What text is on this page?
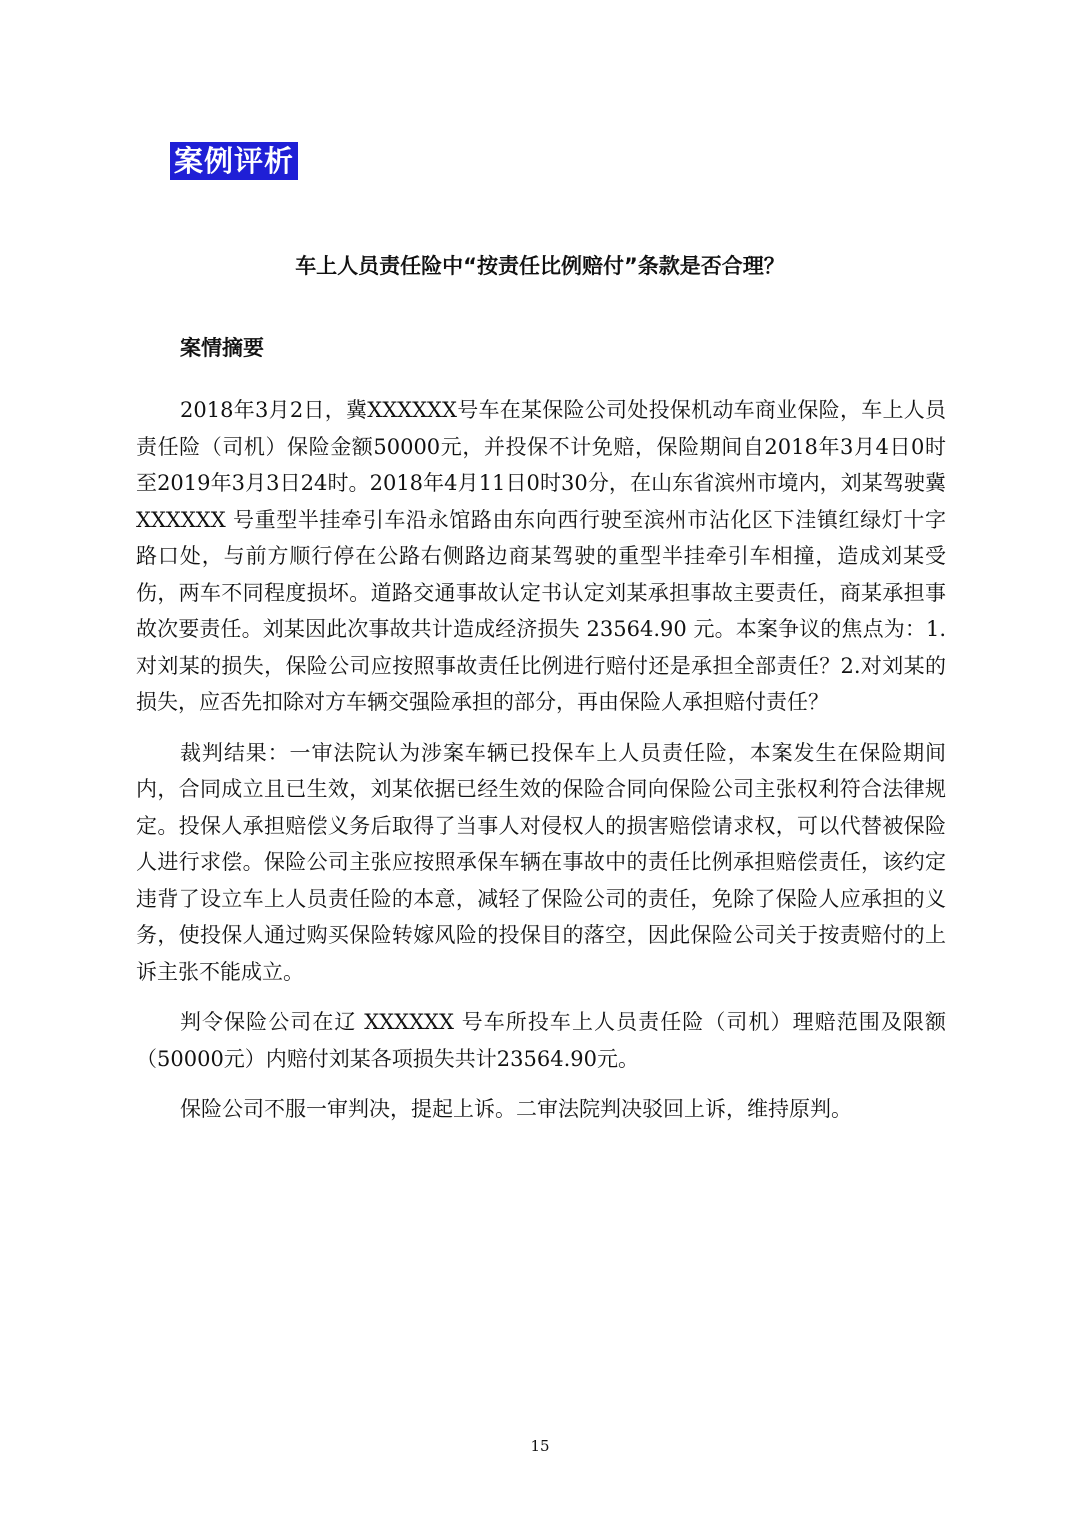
案例评析
车上人员责任险中“按责任比例赔付”条款是否合理？
案情摘要

2018年3月2日，冀XXXXXX号车在某保险公司处投保机动车商业保险，车上人员责任险（司机）保险金额50000元，并投保不计免赔，保险期间自2018年3月4日0时至2019年3月3日24时。2018年4月11日0时30分，在山东省滨州市境内，刘某驾驶冀 XXXXXX 号重型半挂牵引车沿永馆路由东向西行驶至滨州市沾化区下洼镇红绿灯十字路口处，与前方顺行停在公路右侧路边商某驾驶的重型半挂牵引车相撞，造成刘某受伤，两车不同程度损坏。道路交通事故认定书认定刘某承担事故主要责任，商某承担事故次要责任。刘某因此次事故共计造成经济损失 23564.90 元。本案争议的焦点为：1.对刘某的损失，保险公司应按照事故责任比例进行赔付还是承担全部责任？2.对刘某的损失，应否先扣除对方车辆交强险承担的部分，再由保险人承担赔付责任？

裁判结果：一审法院认为涉案车辆已投保车上人员责任险，本案发生在保险期间内，合同成立且已生效，刘某依据已经生效的保险合同向保险公司主张权利符合法律规定。投保人承担赔偿义务后取得了当事人对侵权人的损害赔偿请求权，可以代替被保险人进行求偿。保险公司主张应按照承保车辆在事故中的责任比例承担赔偿责任，该约定违背了设立车上人员责任险的本意，减轻了保险公司的责任，免除了保险人应承担的义务，使投保人通过购买保险转嫁风险的投保目的落空，因此保险公司关于按责赔付的上诉主张不能成立。

判令保险公司在辽 XXXXXX 号车所投车上人员责任险（司机）理赔范围及限额（50000元）内赔付刘某各项损失共计23564.90元。

保险公司不服一审判决，提起上诉。二审法院判决驳回上诉，维持原判。

15
